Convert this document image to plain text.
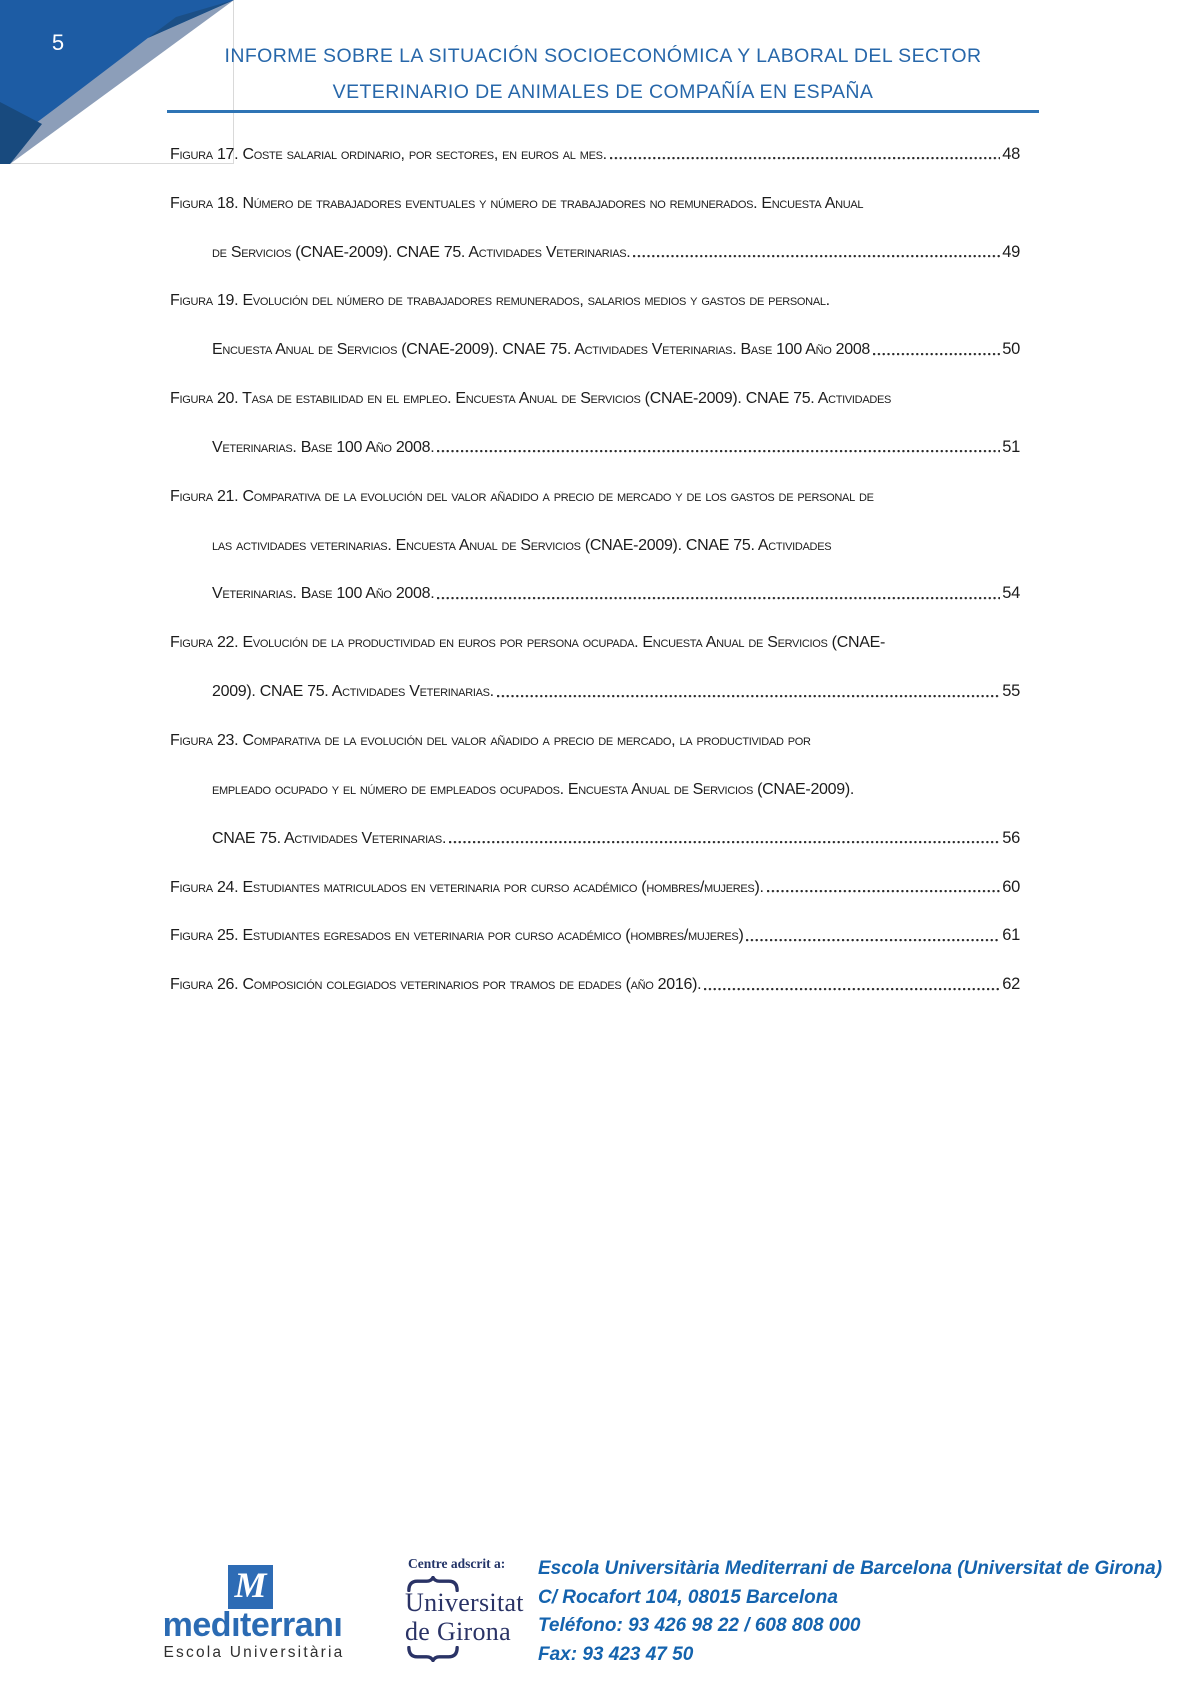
5
INFORME SOBRE LA SITUACIÓN SOCIOECONÓMICA Y LABORAL DEL SECTOR
VETERINARIO DE ANIMALES DE COMPAÑÍA EN ESPAÑA
Figura 17. Coste salarial ordinario, por sectores, en euros al mes.	48
Figura 18. Número de trabajadores eventuales y número de trabajadores no remunerados. Encuesta Anual
de Servicios (CNAE-2009). CNAE 75. Actividades Veterinarias.	49
Figura 19. Evolución del número de trabajadores remunerados, salarios medios y gastos de personal.
Encuesta Anual de Servicios (CNAE-2009). CNAE 75. Actividades Veterinarias. Base 100 Año 2008	50
Figura 20. Tasa de estabilidad en el empleo. Encuesta Anual de Servicios (CNAE-2009). CNAE 75. Actividades
Veterinarias. Base 100 Año 2008.	51
Figura 21. Comparativa de la evolución del valor añadido a precio de mercado y de los gastos de personal de
las actividades veterinarias. Encuesta Anual de Servicios (CNAE-2009). CNAE 75. Actividades
Veterinarias. Base 100 Año 2008.	54
Figura 22. Evolución de la productividad en euros por persona ocupada. Encuesta Anual de Servicios (CNAE-
2009). CNAE 75. Actividades Veterinarias.	55
Figura 23. Comparativa de la evolución del valor añadido a precio de mercado, la productividad por
empleado ocupado y el número de empleados ocupados. Encuesta Anual de Servicios (CNAE-2009).
CNAE 75. Actividades Veterinarias.	56
Figura 24. Estudiantes matriculados en veterinaria por curso académico (hombres/mujeres).	60
Figura 25. Estudiantes egresados en veterinaria por curso académico (hombres/mujeres)	61
Figura 26. Composición colegiados veterinarios por tramos de edades (año 2016).	62
M
medıterranı
Escola Universitària
Centre adscrit a:
Universitat
de Girona
Escola Universitària Mediterrani de Barcelona (Universitat de Girona)
C/ Rocafort 104, 08015 Barcelona
Teléfono: 93 426 98 22 / 608 808 000
Fax: 93 423 47 50
